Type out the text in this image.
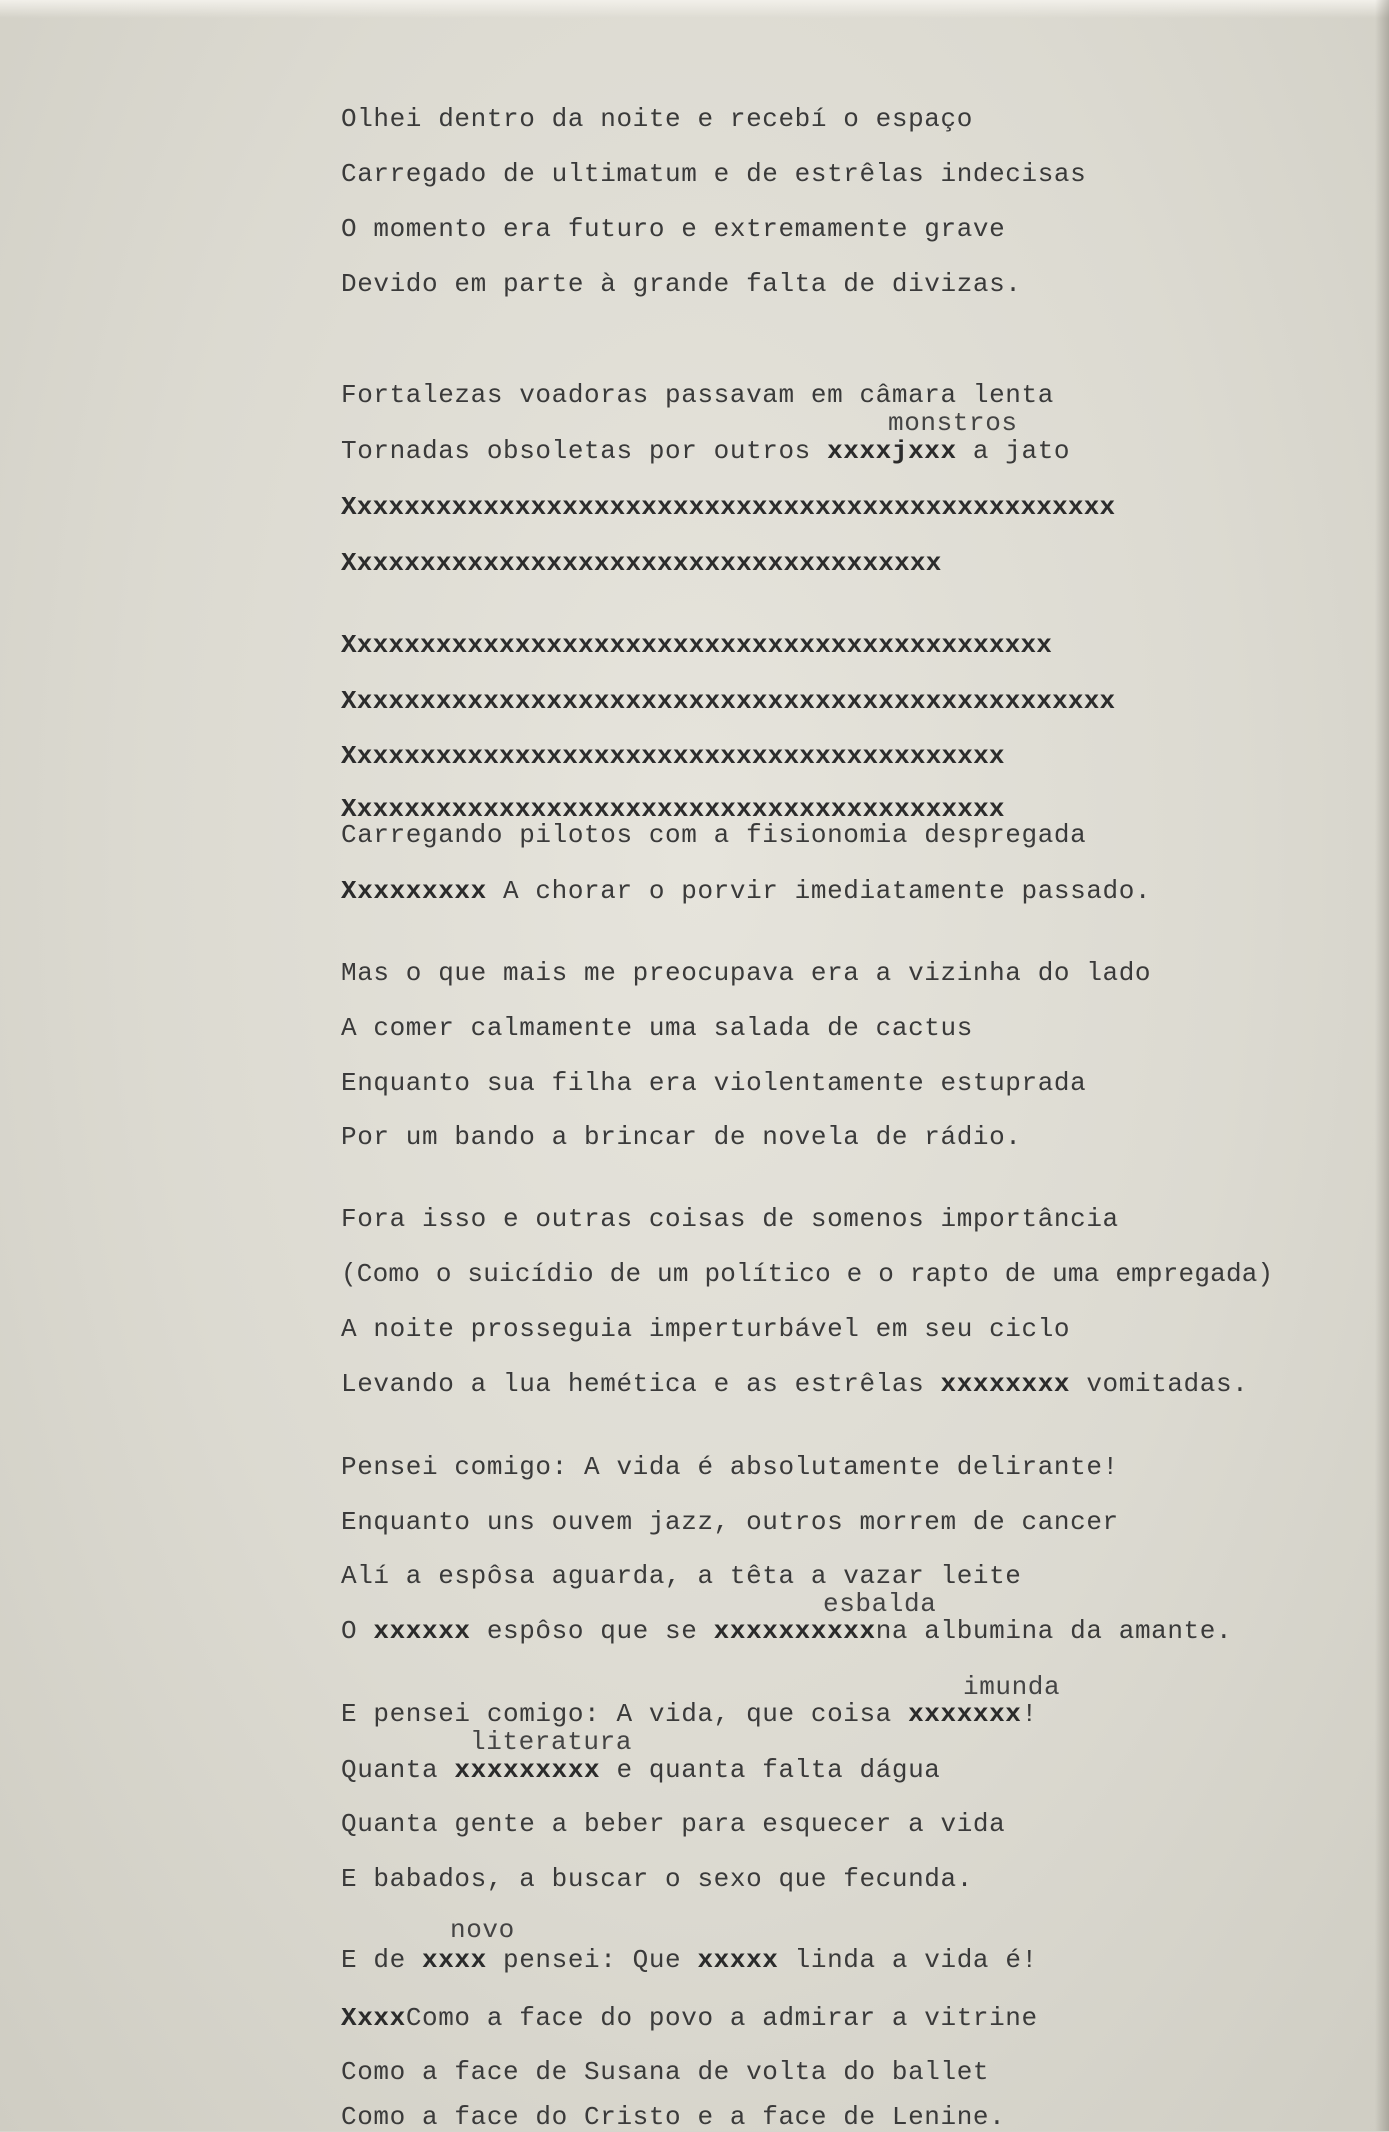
Olhei dentro da noite e recebí o espaço
Carregado de ultimatum e de estrêlas indecisas
O momento era futuro e extremamente grave
Devido em parte à grande falta de divizas.
Fortalezas voadoras passavam em câmara lenta
monstros
Tornadas obsoletas por outros xxxxjxxx a jato
Xxxxxxxxxxxxxxxxxxxxxxxxxxxxxxxxxxxxxxxxxxxxxxxxx
Xxxxxxxxxxxxxxxxxxxxxxxxxxxxxxxxxxxxxx
Xxxxxxxxxxxxxxxxxxxxxxxxxxxxxxxxxxxxxxxxxxxxx
Xxxxxxxxxxxxxxxxxxxxxxxxxxxxxxxxxxxxxxxxxxxxxxxxx
Xxxxxxxxxxxxxxxxxxxxxxxxxxxxxxxxxxxxxxxxxx
Xxxxxxxxxxxxxxxxxxxxxxxxxxxxxxxxxxxxxxxxxx
Carregando pilotos com a fisionomia despregada
Xxxxxxxxx A chorar o porvir imediatamente passado.
Mas o que mais me preocupava era a vizinha do lado
A comer calmamente uma salada de cactus
Enquanto sua filha era violentamente estuprada
Por um bando a brincar de novela de rádio.
Fora isso e outras coisas de somenos importância
(Como o suicídio de um político e o rapto de uma empregada)
A noite prosseguia imperturbável em seu ciclo
Levando a lua hemética e as estrêlas xxxxxxxx vomitadas.
Pensei comigo: A vida é absolutamente delirante!
Enquanto uns ouvem jazz, outros morrem de cancer
Alí a espôsa aguarda, a têta a vazar leite
esbalda
O xxxxxx espôso que se xxxxxxxxxxna albumina da amante.
imunda
E pensei comigo: A vida, que coisa xxxxxxx!
literatura
Quanta xxxxxxxxx e quanta falta dágua
Quanta gente a beber para esquecer a vida
E babados, a buscar o sexo que fecunda.
novo
E de xxxx pensei: Que xxxxx linda a vida é!
XxxxComo a face do povo a admirar a vitrine
Como a face de Susana de volta do ballet
Como a face do Cristo e a face de Lenine.
